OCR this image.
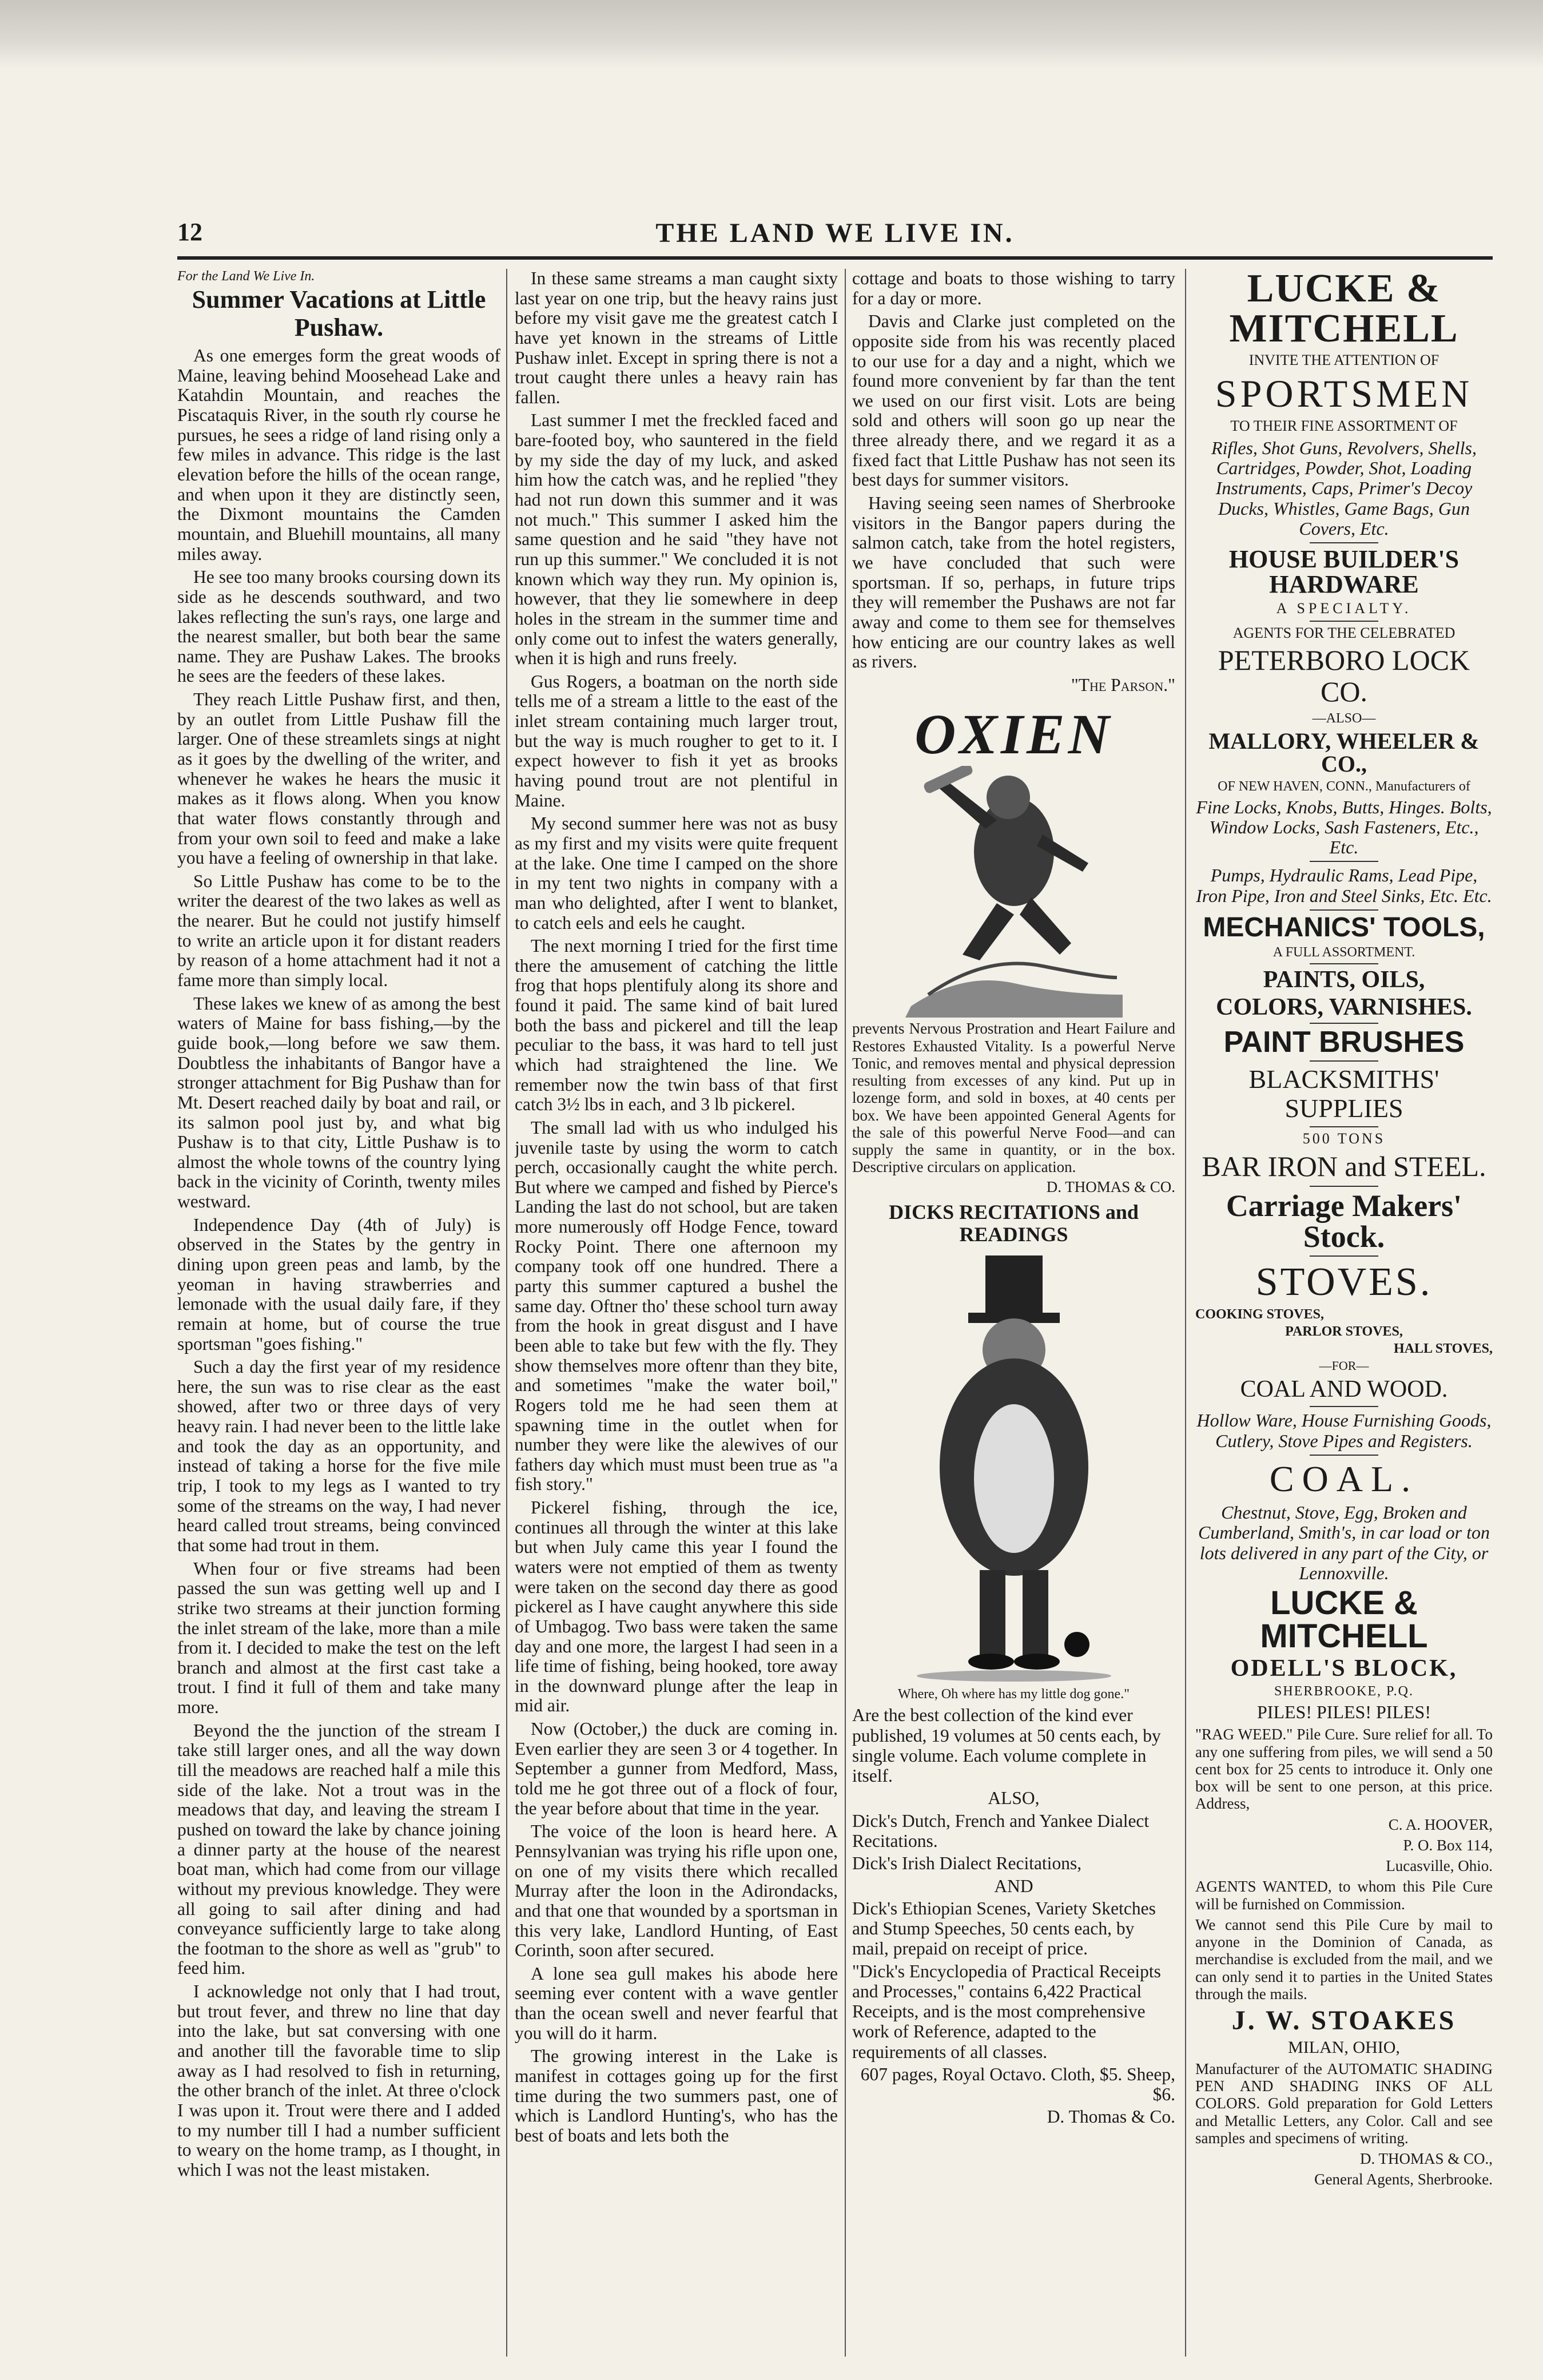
THE LAND WE LIVE IN.
12
For the Land We Live In.
Summer Vacations at Little Pushaw.

As one emerges form the great woods of Maine, leaving behind Moosehead Lake and Katahdin Mountain, and reaches the Piscataquis River, in the south rly course he pursues, he sees a ridge of land rising only a few miles in advance. This ridge is the last elevation before the hills of the ocean range, and when upon it they are distinctly seen, the Dixmont mountains the Camden mountain, and Bluehill mountains, all many miles away.

He see too many brooks coursing down its side as he descends southward, and two lakes reflecting the sun's rays, one large and the nearest smaller, but both bear the same name. They are Pushaw Lakes. The brooks he sees are the feeders of these lakes.

They reach Little Pushaw first, and then, by an outlet from Little Pushaw fill the larger. One of these streamlets sings at night as it goes by the dwelling of the writer, and whenever he wakes he hears the music it makes as it flows along. When you know that water flows constantly through and from your own soil to feed and make a lake you have a feeling of ownership in that lake.

So Little Pushaw has come to be to the writer the dearest of the two lakes as well as the nearer. But he could not justify himself to write an article upon it for distant readers by reason of a home attachment had it not a fame more than simply local.

These lakes we knew of as among the best waters of Maine for bass fishing,—by the guide book,—long before we saw them. Doubtless the inhabitants of Bangor have a stronger attachment for Big Pushaw than for Mt. Desert reached daily by boat and rail, or its salmon pool just by, and what big Pushaw is to that city, Little Pushaw is to almost the whole towns of the country lying back in the vicinity of Corinth, twenty miles westward.

Independence Day (4th of July) is observed in the States by the gentry in dining upon green peas and lamb, by the yeoman in having strawberries and lemonade with the usual daily fare, if they remain at home, but of course the true sportsman "goes fishing."

Such a day the first year of my residence here, the sun was to rise clear as the east showed, after two or three days of very heavy rain. I had never been to the little lake and took the day as an opportunity, and instead of taking a horse for the five mile trip, I took to my legs as I wanted to try some of the streams on the way, I had never heard called trout streams, being convinced that some had trout in them.

When four or five streams had been passed the sun was getting well up and I strike two streams at their junction forming the inlet stream of the lake, more than a mile from it. I decided to make the test on the left branch and almost at the first cast take a trout. I find it full of them and take many more.

Beyond the the junction of the stream I take still larger ones, and all the way down till the meadows are reached half a mile this side of the lake. Not a trout was in the meadows that day, and leaving the stream I pushed on toward the lake by chance joining a dinner party at the house of the nearest boat man, which had come from our village without my previous knowledge. They were all going to sail after dining and had conveyance sufficiently large to take along the footman to the shore as well as "grub" to feed him.

I acknowledge not only that I had trout, but trout fever, and threw no line that day into the lake, but sat conversing with one and another till the favorable time to slip away as I had resolved to fish in returning, the other branch of the inlet. At three o'clock I was upon it. Trout were there and I added to my number till I had a number sufficient to weary on the home tramp, as I thought, in which I was not the least mistaken.

In these same streams a man caught sixty last year on one trip, but the heavy rains just before my visit gave me the greatest catch I have yet known in the streams of Little Pushaw inlet. Except in spring there is not a trout caught there unles a heavy rain has fallen.

Last summer I met the freckled faced and bare-footed boy, who sauntered in the field by my side the day of my luck, and asked him how the catch was, and he replied "they had not run down this summer and it was not much." This summer I asked him the same question and he said "they have not run up this summer." We concluded it is not known which way they run. My opinion is, however, that they lie somewhere in deep holes in the stream in the summer time and only come out to infest the waters generally, when it is high and runs freely.

Gus Rogers, a boatman on the north side tells me of a stream a little to the east of the inlet stream containing much larger trout, but the way is much rougher to get to it. I expect however to fish it yet as brooks having pound trout are not plentiful in Maine.

My second summer here was not as busy as my first and my visits were quite frequent at the lake. One time I camped on the shore in my tent two nights in company with a man who delighted, after I went to blanket, to catch eels and eels he caught.

The next morning I tried for the first time there the amusement of catching the little frog that hops plentifuly along its shore and found it paid. The same kind of bait lured both the bass and pickerel and till the leap peculiar to the bass, it was hard to tell just which had straightened the line. We remember now the twin bass of that first catch 3½ lbs in each, and 3 lb pickerel.

The small lad with us who indulged his juvenile taste by using the worm to catch perch, occasionally caught the white perch. But where we camped and fished by Pierce's Landing the last do not school, but are taken more numerously off Hodge Fence, toward Rocky Point. There one afternoon my company took off one hundred. There a party this summer captured a bushel the same day. Oftner tho' these school turn away from the hook in great disgust and I have been able to take but few with the fly. They show themselves more oftenr than they bite, and sometimes "make the water boil," Rogers told me he had seen them at spawning time in the outlet when for number they were like the alewives of our fathers day which must must been true as "a fish story."

Pickerel fishing, through the ice, continues all through the winter at this lake but when July came this year I found the waters were not emptied of them as twenty were taken on the second day there as good pickerel as I have caught anywhere this side of Umbagog. Two bass were taken the same day and one more, the largest I had seen in a life time of fishing, being hooked, tore away in the downward plunge after the leap in mid air.

Now (October,) the duck are coming in. Even earlier they are seen 3 or 4 together. In September a gunner from Medford, Mass, told me he got three out of a flock of four, the year before about that time in the year.

The voice of the loon is heard here. A Pennsylvanian was trying his rifle upon one, on one of my visits there which recalled Murray after the loon in the Adirondacks, and that one that wounded by a sportsman in this very lake, Landlord Hunting, of East Corinth, soon after secured.

A lone sea gull makes his abode here seeming ever content with a wave gentler than the ocean swell and never fearful that you will do it harm.

The growing interest in the Lake is manifest in cottages going up for the first time during the two summers past, one of which is Landlord Hunting's, who has the best of boats and lets both the

cottage and boats to those wishing to tarry for a day or more.

Davis and Clarke just completed on the opposite side from his was recently placed to our use for a day and a night, which we found more convenient by far than the tent we used on our first visit. Lots are being sold and others will soon go up near the three already there, and we regard it as a fixed fact that Little Pushaw has not seen its best days for summer visitors.

Having seeing seen names of Sherbrooke visitors in the Bangor papers during the salmon catch, take from the hotel registers, we have concluded that such were sportsman. If so, perhaps, in future trips they will remember the Pushaws are not far away and come to them see for themselves how enticing are our country lakes as well as rivers.

"The Parson."
OXIEN
prevents Nervous Prostration and Heart Failure and Restores Exhausted Vitality. Is a powerful Nerve Tonic, and removes mental and physical depression resulting from excesses of any kind. Put up in lozenge form, and sold in boxes, at 40 cents per box. We have been appointed General Agents for the sale of this powerful Nerve Food—and can supply the same in quantity, or in the box. Descriptive circulars on application.
D. THOMAS & CO.
DICKS RECITATIONS and READINGS
Where, Oh where has my little dog gone."
Are the best collection of the kind ever published, 19 volumes at 50 cents each, by single volume. Each volume complete in itself.
ALSO,
Dick's Dutch, French and Yankee Dialect Recitations.
Dick's Irish Dialect Recitations,
AND
Dick's Ethiopian Scenes, Variety Sketches and Stump Speeches, 50 cents each, by mail, prepaid on receipt of price.
"Dick's Encyclopedia of Practical Receipts and Processes," contains 6,422 Practical Receipts, and is the most comprehensive work of Reference, adapted to the requirements of all classes.
607 pages, Royal Octavo. Cloth, $5. Sheep, $6.
D. Thomas & Co.
LUCKE & MITCHELL
INVITE THE ATTENTION OF
SPORTSMEN
TO THEIR FINE ASSORTMENT OF
Rifles, Shot Guns, Revolvers, Shells, Cartridges, Powder, Shot, Loading Instruments, Caps, Primer's Decoy Ducks, Whistles, Game Bags, Gun Covers, Etc.
HOUSE BUILDER'S HARDWARE
A SPECIALTY.
AGENTS FOR THE CELEBRATED
PETERBORO LOCK CO.
—ALSO—
MALLORY, WHEELER & CO.,
OF NEW HAVEN, CONN., Manufacturers of
Fine Locks, Knobs, Butts, Hinges. Bolts, Window Locks, Sash Fasteners, Etc., Etc.
Pumps, Hydraulic Rams, Lead Pipe, Iron Pipe, Iron and Steel Sinks, Etc. Etc.
MECHANICS' TOOLS,
A FULL ASSORTMENT.
PAINTS, OILS,
COLORS, VARNISHES.
PAINT BRUSHES
BLACKSMITHS' SUPPLIES
500 TONS
BAR IRON and STEEL.
Carriage Makers' Stock.
STOVES.
COOKING STOVES,
PARLOR STOVES,
HALL STOVES,
—FOR—
COAL AND WOOD.
Hollow Ware, House Furnishing Goods, Cutlery, Stove Pipes and Registers.
COAL.
Chestnut, Stove, Egg, Broken and Cumberland, Smith's, in car load or ton lots delivered in any part of the City, or Lennoxville.
LUCKE & MITCHELL
ODELL'S BLOCK,
SHERBROOKE, P.Q.
PILES! PILES! PILES!
"RAG WEED." Pile Cure. Sure relief for all. To any one suffering from piles, we will send a 50 cent box for 25 cents to introduce it. Only one box will be sent to one person, at this price. Address,
C. A. HOOVER,
P. O. Box 114,
Lucasville, Ohio.
AGENTS WANTED, to whom this Pile Cure will be furnished on Commission.
We cannot send this Pile Cure by mail to anyone in the Dominion of Canada, as merchandise is excluded from the mail, and we can only send it to parties in the United States through the mails.
J. W. STOAKES
MILAN, OHIO,
Manufacturer of the AUTOMATIC SHADING PEN AND SHADING INKS OF ALL COLORS. Gold preparation for Gold Letters and Metallic Letters, any Color. Call and see samples and specimens of writing.
D. THOMAS & CO.,
General Agents, Sherbrooke.
